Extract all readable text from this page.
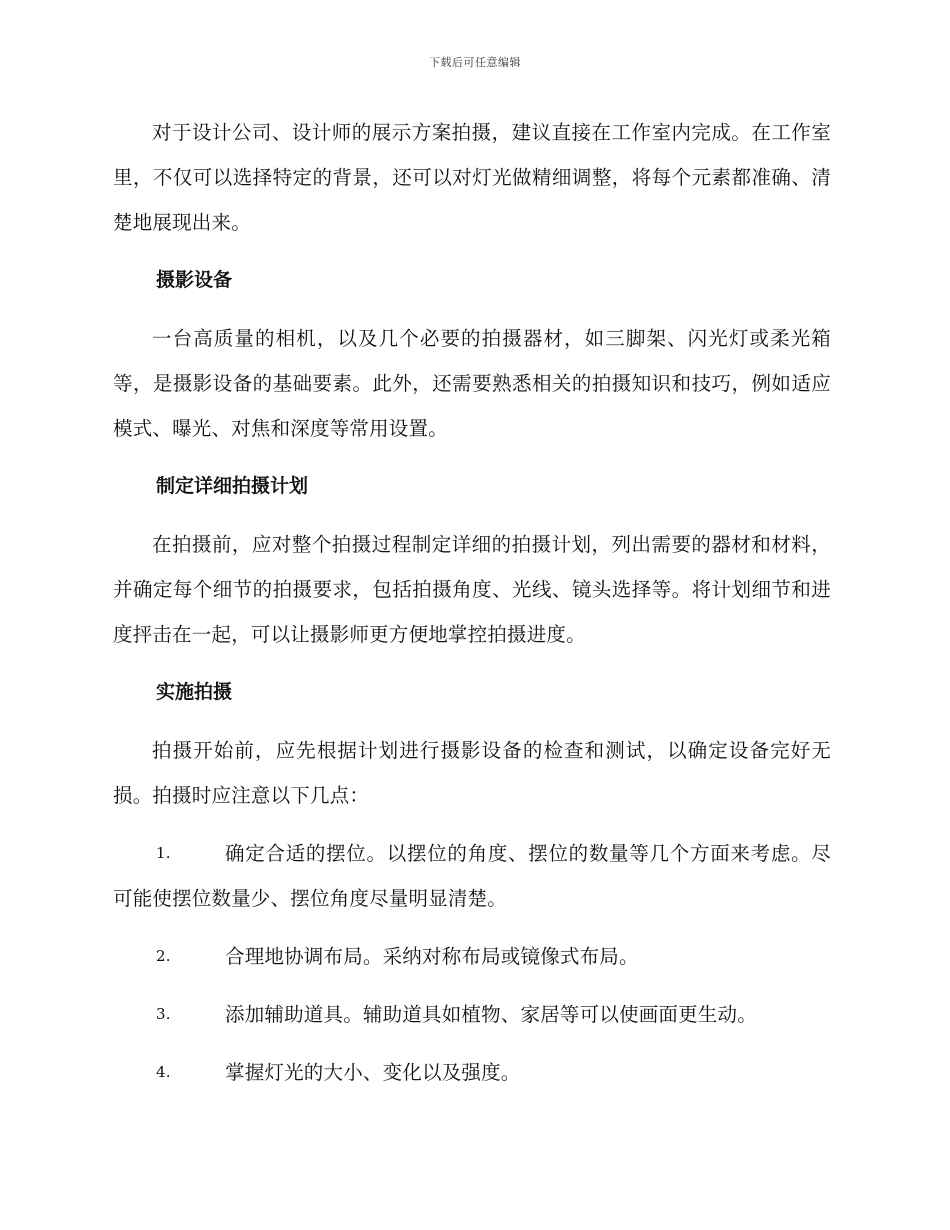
下载后可任意编辑

对于设计公司、设计师的展示方案拍摄，建议直接在工作室内完成。在工作室里，不仅可以选择特定的背景，还可以对灯光做精细调整，将每个元素都准确、清楚地展现出来。

摄影设备

一台高质量的相机，以及几个必要的拍摄器材，如三脚架、闪光灯或柔光箱等，是摄影设备的基础要素。此外，还需要熟悉相关的拍摄知识和技巧，例如适应模式、曝光、对焦和深度等常用设置。

制定详细拍摄计划

在拍摄前，应对整个拍摄过程制定详细的拍摄计划，列出需要的器材和材料，并确定每个细节的拍摄要求，包括拍摄角度、光线、镜头选择等。将计划细节和进度抨击在一起，可以让摄影师更方便地掌控拍摄进度。

实施拍摄

拍摄开始前，应先根据计划进行摄影设备的检查和测试，以确定设备完好无损。拍摄时应注意以下几点：

1.	确定合适的摆位。以摆位的角度、摆位的数量等几个方面来考虑。尽可能使摆位数量少、摆位角度尽量明显清楚。
2.	合理地协调布局。采纳对称布局或镜像式布局。
3.	添加辅助道具。辅助道具如植物、家居等可以使画面更生动。
4.	掌握灯光的大小、变化以及强度。
